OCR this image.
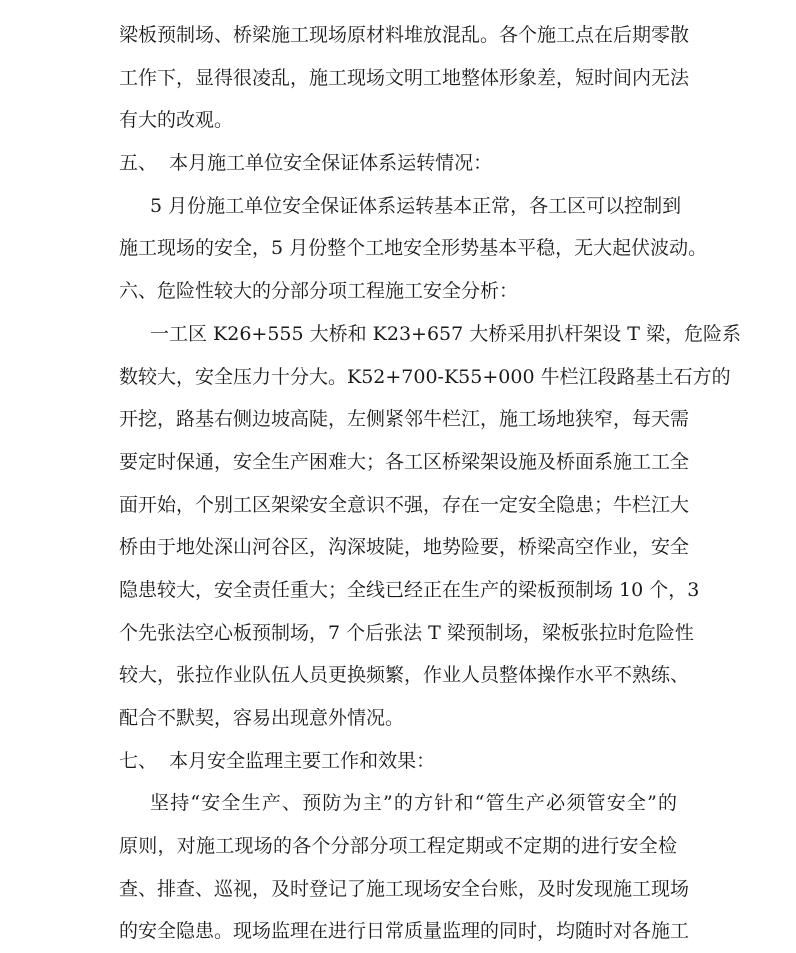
梁板预制场、桥梁施工现场原材料堆放混乱。各个施工点在后期零散
工作下，显得很凌乱，施工现场文明工地整体形象差，短时间内无法
有大的改观。
五、  本月施工单位安全保证体系运转情况：
5 月份施工单位安全保证体系运转基本正常，各工区可以控制到
施工现场的安全，5 月份整个工地安全形势基本平稳，无大起伏波动。
六、危险性较大的分部分项工程施工安全分析：
一工区 K26+555 大桥和 K23+657 大桥采用扒杆架设 T 梁，危险系
数较大，安全压力十分大。K52+700-K55+000 牛栏江段路基土石方的
开挖，路基右侧边坡高陡，左侧紧邻牛栏江，施工场地狭窄，每天需
要定时保通，安全生产困难大；各工区桥梁架设施及桥面系施工工全
面开始，个别工区架梁安全意识不强，存在一定安全隐患；牛栏江大
桥由于地处深山河谷区，沟深坡陡，地势险要，桥梁高空作业，安全
隐患较大，安全责任重大；全线已经正在生产的梁板预制场 10 个，3
个先张法空心板预制场，7 个后张法 T 梁预制场，梁板张拉时危险性
较大，张拉作业队伍人员更换频繁，作业人员整体操作水平不熟练、
配合不默契，容易出现意外情况。
七、  本月安全监理主要工作和效果：
坚持“安全生产、预防为主”的方针和“管生产必须管安全”的
原则，对施工现场的各个分部分项工程定期或不定期的进行安全检
查、排查、巡视，及时登记了施工现场安全台账，及时发现施工现场
的安全隐患。现场监理在进行日常质量监理的同时，均随时对各施工
